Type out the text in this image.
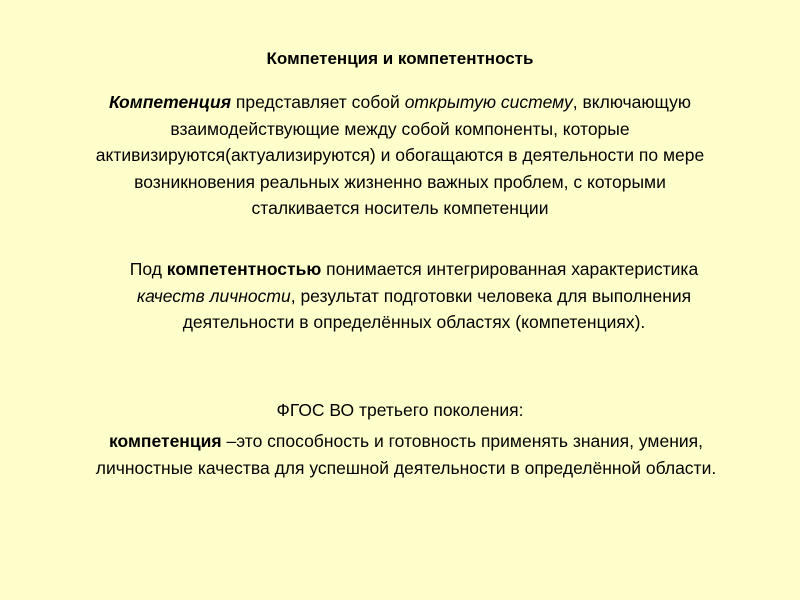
Компетенция и компетентность

Компетенция представляет собой открытую систему, включающую взаимодействующие между собой компоненты, которые активизируются(актуализируются) и обогащаются в деятельности по мере возникновения реальных жизненно важных проблем, с которыми сталкивается носитель компетенции

Под компетентностью понимается интегрированная характеристика качеств личности, результат подготовки человека для выполнения деятельности в определённых областях (компетенциях).

ФГОС ВО третьего поколения:

компетенция –это способность и готовность применять знания, умения, личностные качества для успешной деятельности в определённой области.
